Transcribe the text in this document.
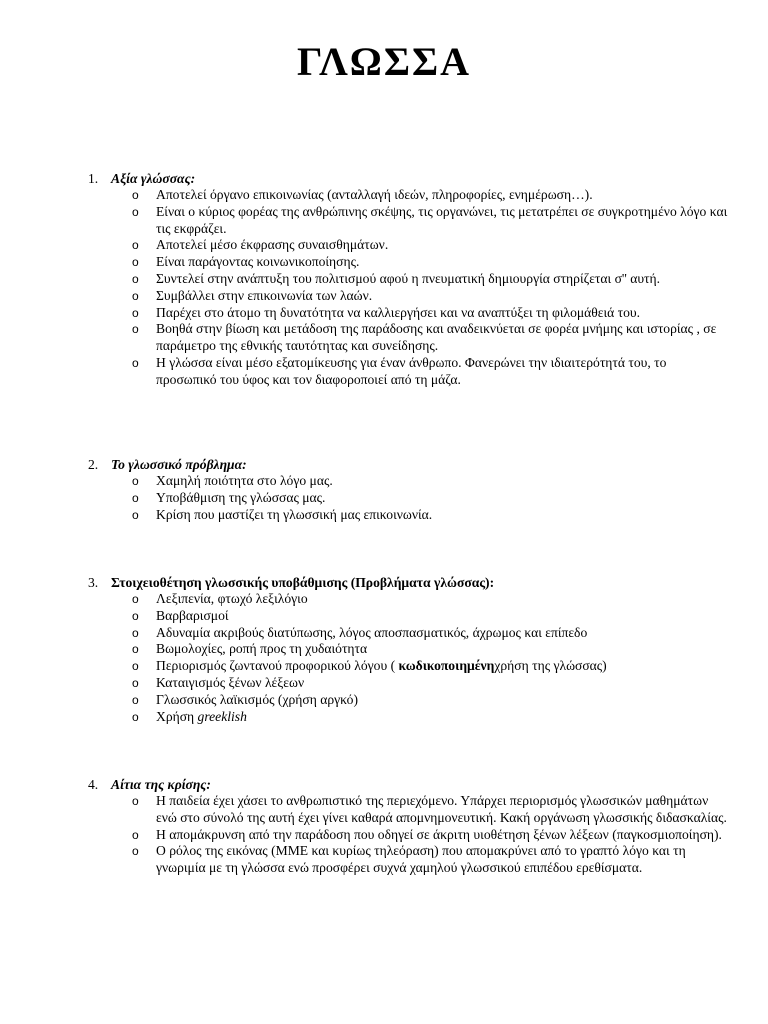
ΓΛΩΣΣΑ
1. Αξία γλώσσας:
o Αποτελεί όργανο επικοινωνίας (ανταλλαγή ιδεών, πληροφορίες, ενημέρωση…).
o Είναι ο κύριος φορέας της ανθρώπινης σκέψης, τις οργανώνει, τις μετατρέπει σε συγκροτημένο λόγο και τις εκφράζει.
o Αποτελεί μέσο έκφρασης συναισθημάτων.
o Είναι παράγοντας κοινωνικοποίησης.
o Συντελεί στην ανάπτυξη του πολιτισμού αφού η πνευματική δημιουργία στηρίζεται σ'' αυτή.
o Συμβάλλει στην επικοινωνία των λαών.
o Παρέχει στο άτομο τη δυνατότητα να καλλιεργήσει και να αναπτύξει τη φιλομάθειά του.
o Βοηθά στην βίωση και μετάδοση της παράδοσης και αναδεικνύεται σε φορέα μνήμης και ιστορίας , σε παράμετρο της εθνικής ταυτότητας και συνείδησης.
o Η γλώσσα είναι μέσο εξατομίκευσης για έναν άνθρωπο. Φανερώνει την ιδιαιτερότητά του, το προσωπικό του ύφος και τον διαφοροποιεί από τη μάζα.
2. Το γλωσσικό πρόβλημα:
o Χαμηλή ποιότητα στο λόγο μας.
o Υποβάθμιση της γλώσσας μας.
o Κρίση που μαστίζει τη γλωσσική μας επικοινωνία.
3. Στοιχειοθέτηση γλωσσικής υποβάθμισης (Προβλήματα γλώσσας):
o Λεξιπενία, φτωχό λεξιλόγιο
o Βαρβαρισμοί
o Αδυναμία ακριβούς διατύπωσης, λόγος αποσπασματικός, άχρωμος και επίπεδο
o Βωμολοχίες, ροπή προς τη χυδαιότητα
o Περιορισμός ζωντανού προφορικού λόγου ( κωδικοποιημένηχρήση της γλώσσας)
o Καταιγισμός ξένων λέξεων
o Γλωσσικός λαϊκισμός (χρήση αργκό)
o Χρήση greeklish
4. Αίτια της κρίσης:
o Η παιδεία έχει χάσει το ανθρωπιστικό της περιεχόμενο. Υπάρχει περιορισμός γλωσσικών μαθημάτων ενώ στο σύνολό της αυτή έχει γίνει καθαρά απομνημονευτική. Κακή οργάνωση γλωσσικής διδασκαλίας.
o Η απομάκρυνση από την παράδοση που οδηγεί σε άκριτη υιοθέτηση ξένων λέξεων (παγκοσμιοποίηση).
o Ο ρόλος της εικόνας (ΜΜΕ και κυρίως τηλεόραση) που απομακρύνει από το γραπτό λόγο και τη γνωριμία με τη γλώσσα ενώ προσφέρει συχνά χαμηλού γλωσσικού επιπέδου ερεθίσματα.
